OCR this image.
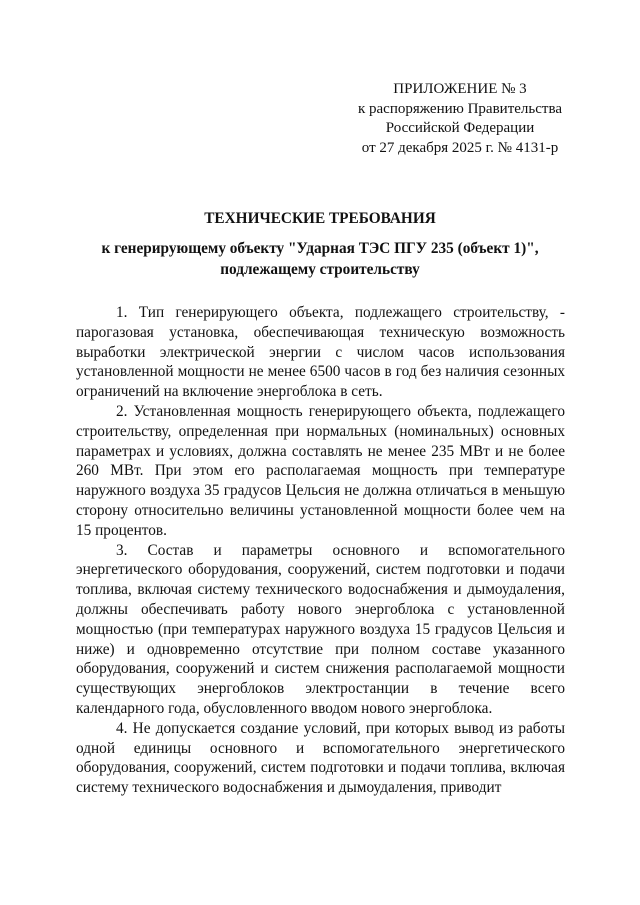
ПРИЛОЖЕНИЕ № 3
к распоряжению Правительства
Российской Федерации
от 27 декабря 2025 г. № 4131-р
ТЕХНИЧЕСКИЕ ТРЕБОВАНИЯ
к генерирующему объекту "Ударная ТЭС ПГУ 235 (объект 1)",
подлежащему строительству

1. Тип генерирующего объекта, подлежащего строительству, - парогазовая установка, обеспечивающая техническую возможность выработки электрической энергии с числом часов использования установленной мощности не менее 6500 часов в год без наличия сезонных ограничений на включение энергоблока в сеть.

2. Установленная мощность генерирующего объекта, подлежащего строительству, определенная при нормальных (номинальных) основных параметрах и условиях, должна составлять не менее 235 МВт и не более 260 МВт. При этом его располагаемая мощность при температуре наружного воздуха 35 градусов Цельсия не должна отличаться в меньшую сторону относительно величины установленной мощности более чем на 15 процентов.

3. Состав и параметры основного и вспомогательного энергетического оборудования, сооружений, систем подготовки и подачи топлива, включая систему технического водоснабжения и дымоудаления, должны обеспечивать работу нового энергоблока с установленной мощностью (при температурах наружного воздуха 15 градусов Цельсия и ниже) и одновременно отсутствие при полном составе указанного оборудования, сооружений и систем снижения располагаемой мощности существующих энергоблоков электростанции в течение всего календарного года, обусловленного вводом нового энергоблока.

4. Не допускается создание условий, при которых вывод из работы одной единицы основного и вспомогательного энергетического оборудования, сооружений, систем подготовки и подачи топлива, включая систему технического водоснабжения и дымоудаления, приводит
